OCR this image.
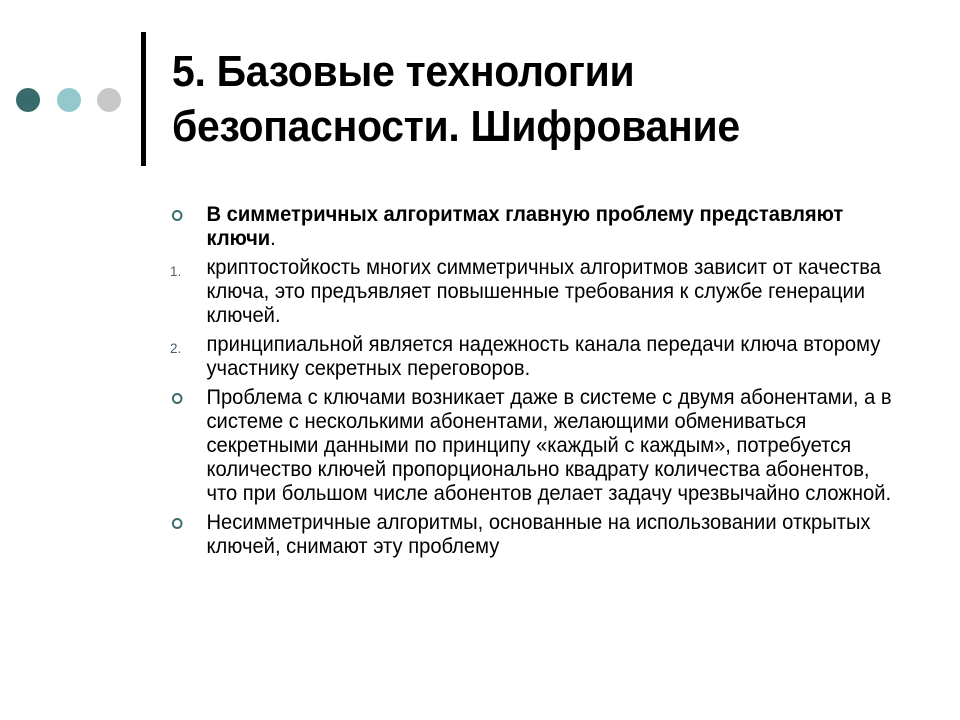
5. Базовые технологии
безопасности. Шифрование
В симметричных алгоритмах главную проблему представляют ключи.
1. криптостойкость многих симметричных алгоритмов зависит от качества ключа, это предъявляет повышенные требования к службе генерации ключей.
2. принципиальной является надежность канала передачи ключа второму участнику секретных переговоров.
Проблема с ключами возникает даже в системе с двумя абонентами, а в системе с несколькими абонентами, желающими обмениваться секретными данными по принципу «каждый с каждым», потребуется количество ключей пропорционально квадрату количества абонентов, что при большом числе абонентов делает задачу чрезвычайно сложной.
Несимметричные алгоритмы, основанные на использовании открытых ключей, снимают эту проблему
